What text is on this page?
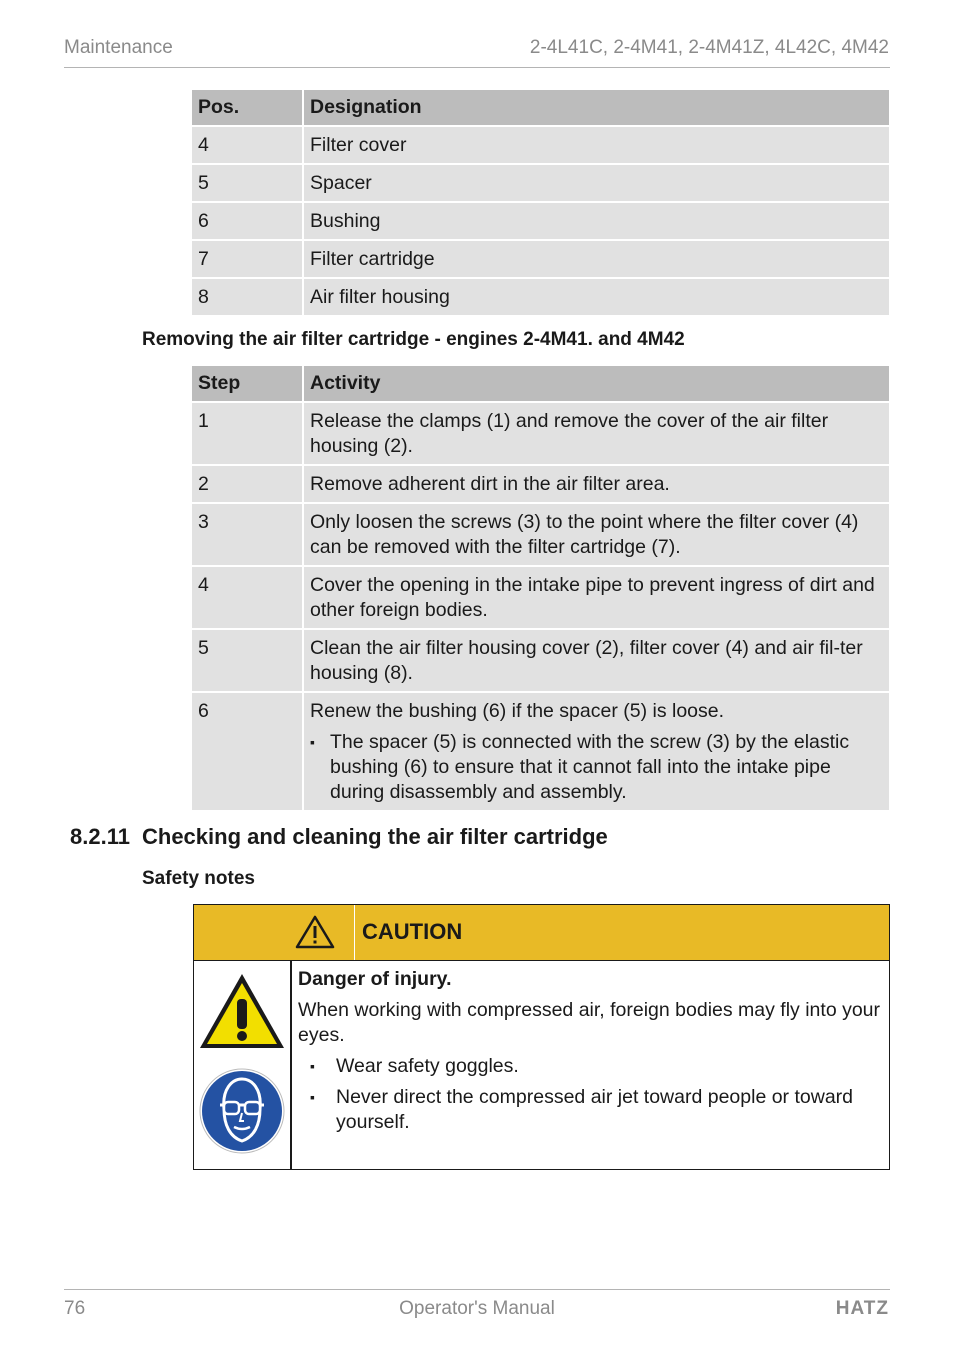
Maintenance	2-4L41C, 2-4M41, 2-4M41Z, 4L42C, 4M42
Pos.	Designation
4	Filter cover
5	Spacer
6	Bushing
7	Filter cartridge
8	Air filter housing
Removing the air filter cartridge - engines 2-4M41. and 4M42
Step	Activity
1	Release the clamps (1) and remove the cover of the air filter housing (2).
2	Remove adherent dirt in the air filter area.
3	Only loosen the screws (3) to the point where the filter cover (4) can be removed with the filter cartridge (7).
4	Cover the opening in the intake pipe to prevent ingress of dirt and other foreign bodies.
5	Clean the air filter housing cover (2), filter cover (4) and air fil-ter housing (8).
6	Renew the bushing (6) if the spacer (5) is loose.
▪ The spacer (5) is connected with the screw (3) by the elastic bushing (6) to ensure that it cannot fall into the intake pipe during disassembly and assembly.
8.2.11 Checking and cleaning the air filter cartridge
Safety notes
CAUTION
Danger of injury.

When working with compressed air, foreign bodies may fly into your eyes.

▪ Wear safety goggles.
▪ Never direct the compressed air jet toward people or toward yourself.
76	Operator's Manual	HATZ
